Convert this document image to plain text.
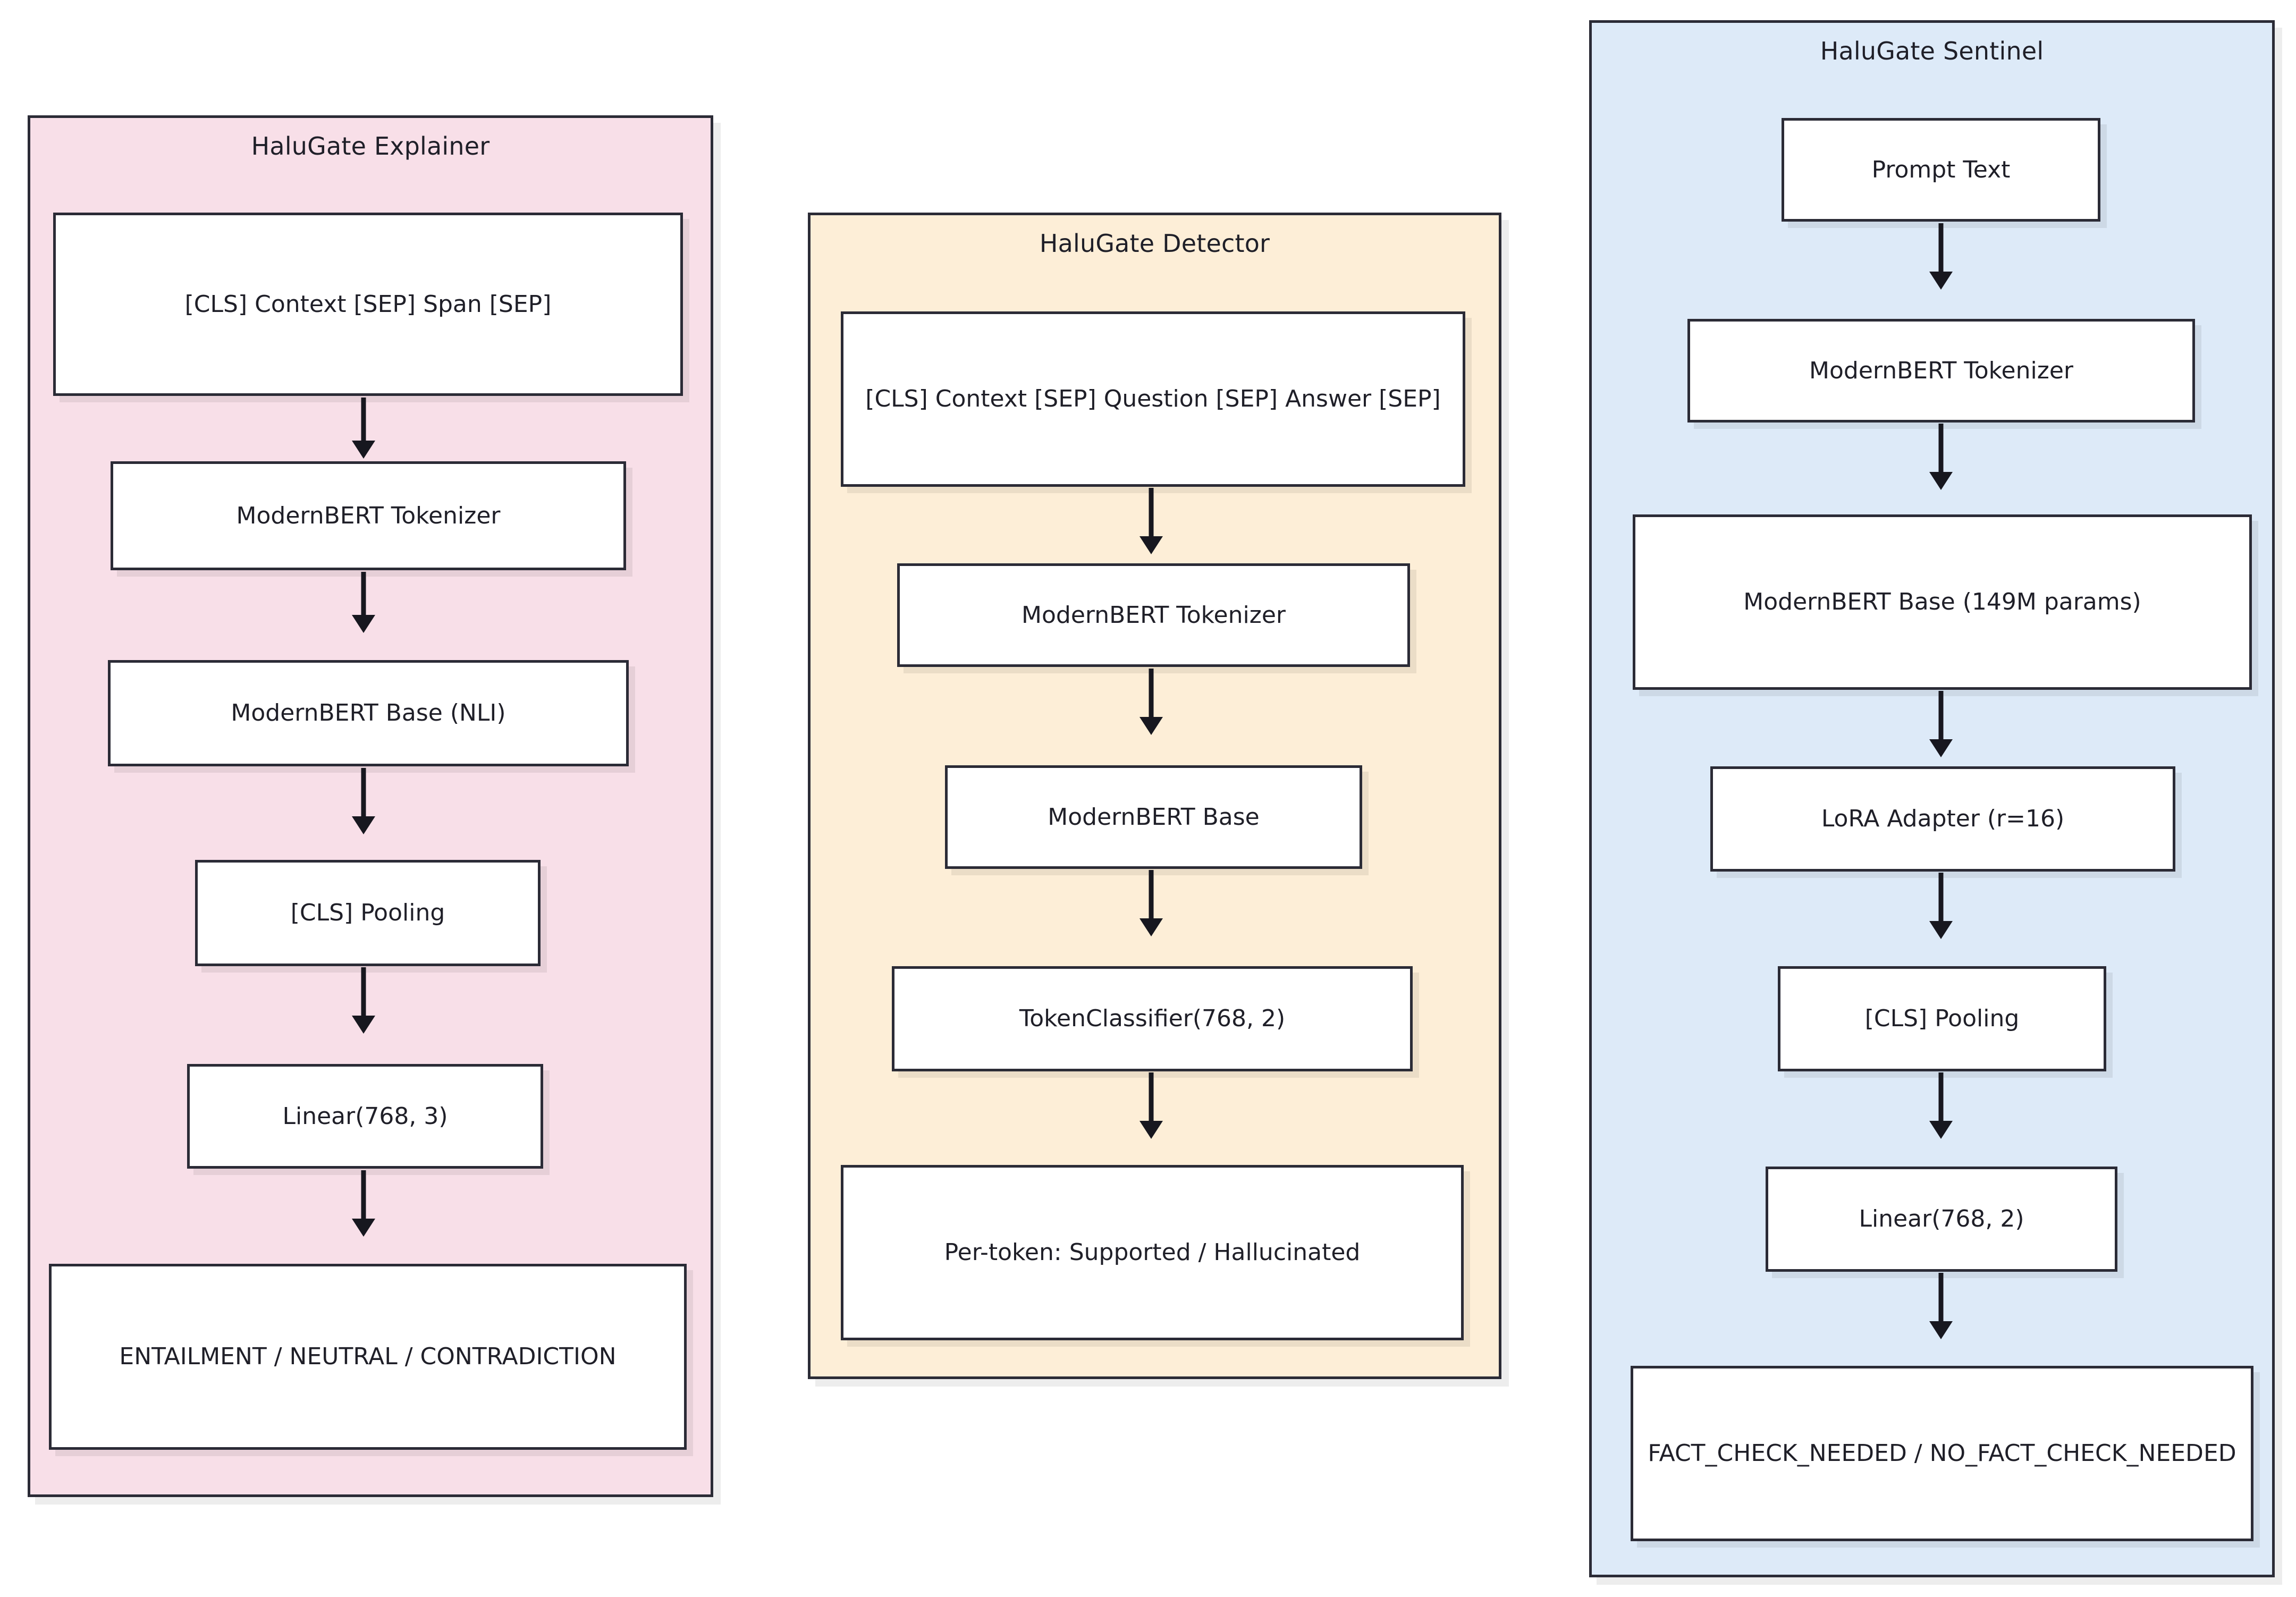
HaluGate Explainer
[CLS] Context [SEP] Span [SEP]
ModernBERT Tokenizer
ModernBERT Base (NLI)
[CLS] Pooling
Linear(768, 3)
ENTAILMENT / NEUTRAL / CONTRADICTION
HaluGate Detector
[CLS] Context [SEP] Question [SEP] Answer [SEP]
ModernBERT Tokenizer
ModernBERT Base
TokenClassifier(768, 2)
Per-token: Supported / Hallucinated
HaluGate Sentinel
Prompt Text
ModernBERT Tokenizer
ModernBERT Base (149M params)
LoRA Adapter (r=16)
[CLS] Pooling
Linear(768, 2)
FACT_CHECK_NEEDED / NO_FACT_CHECK_NEEDED
